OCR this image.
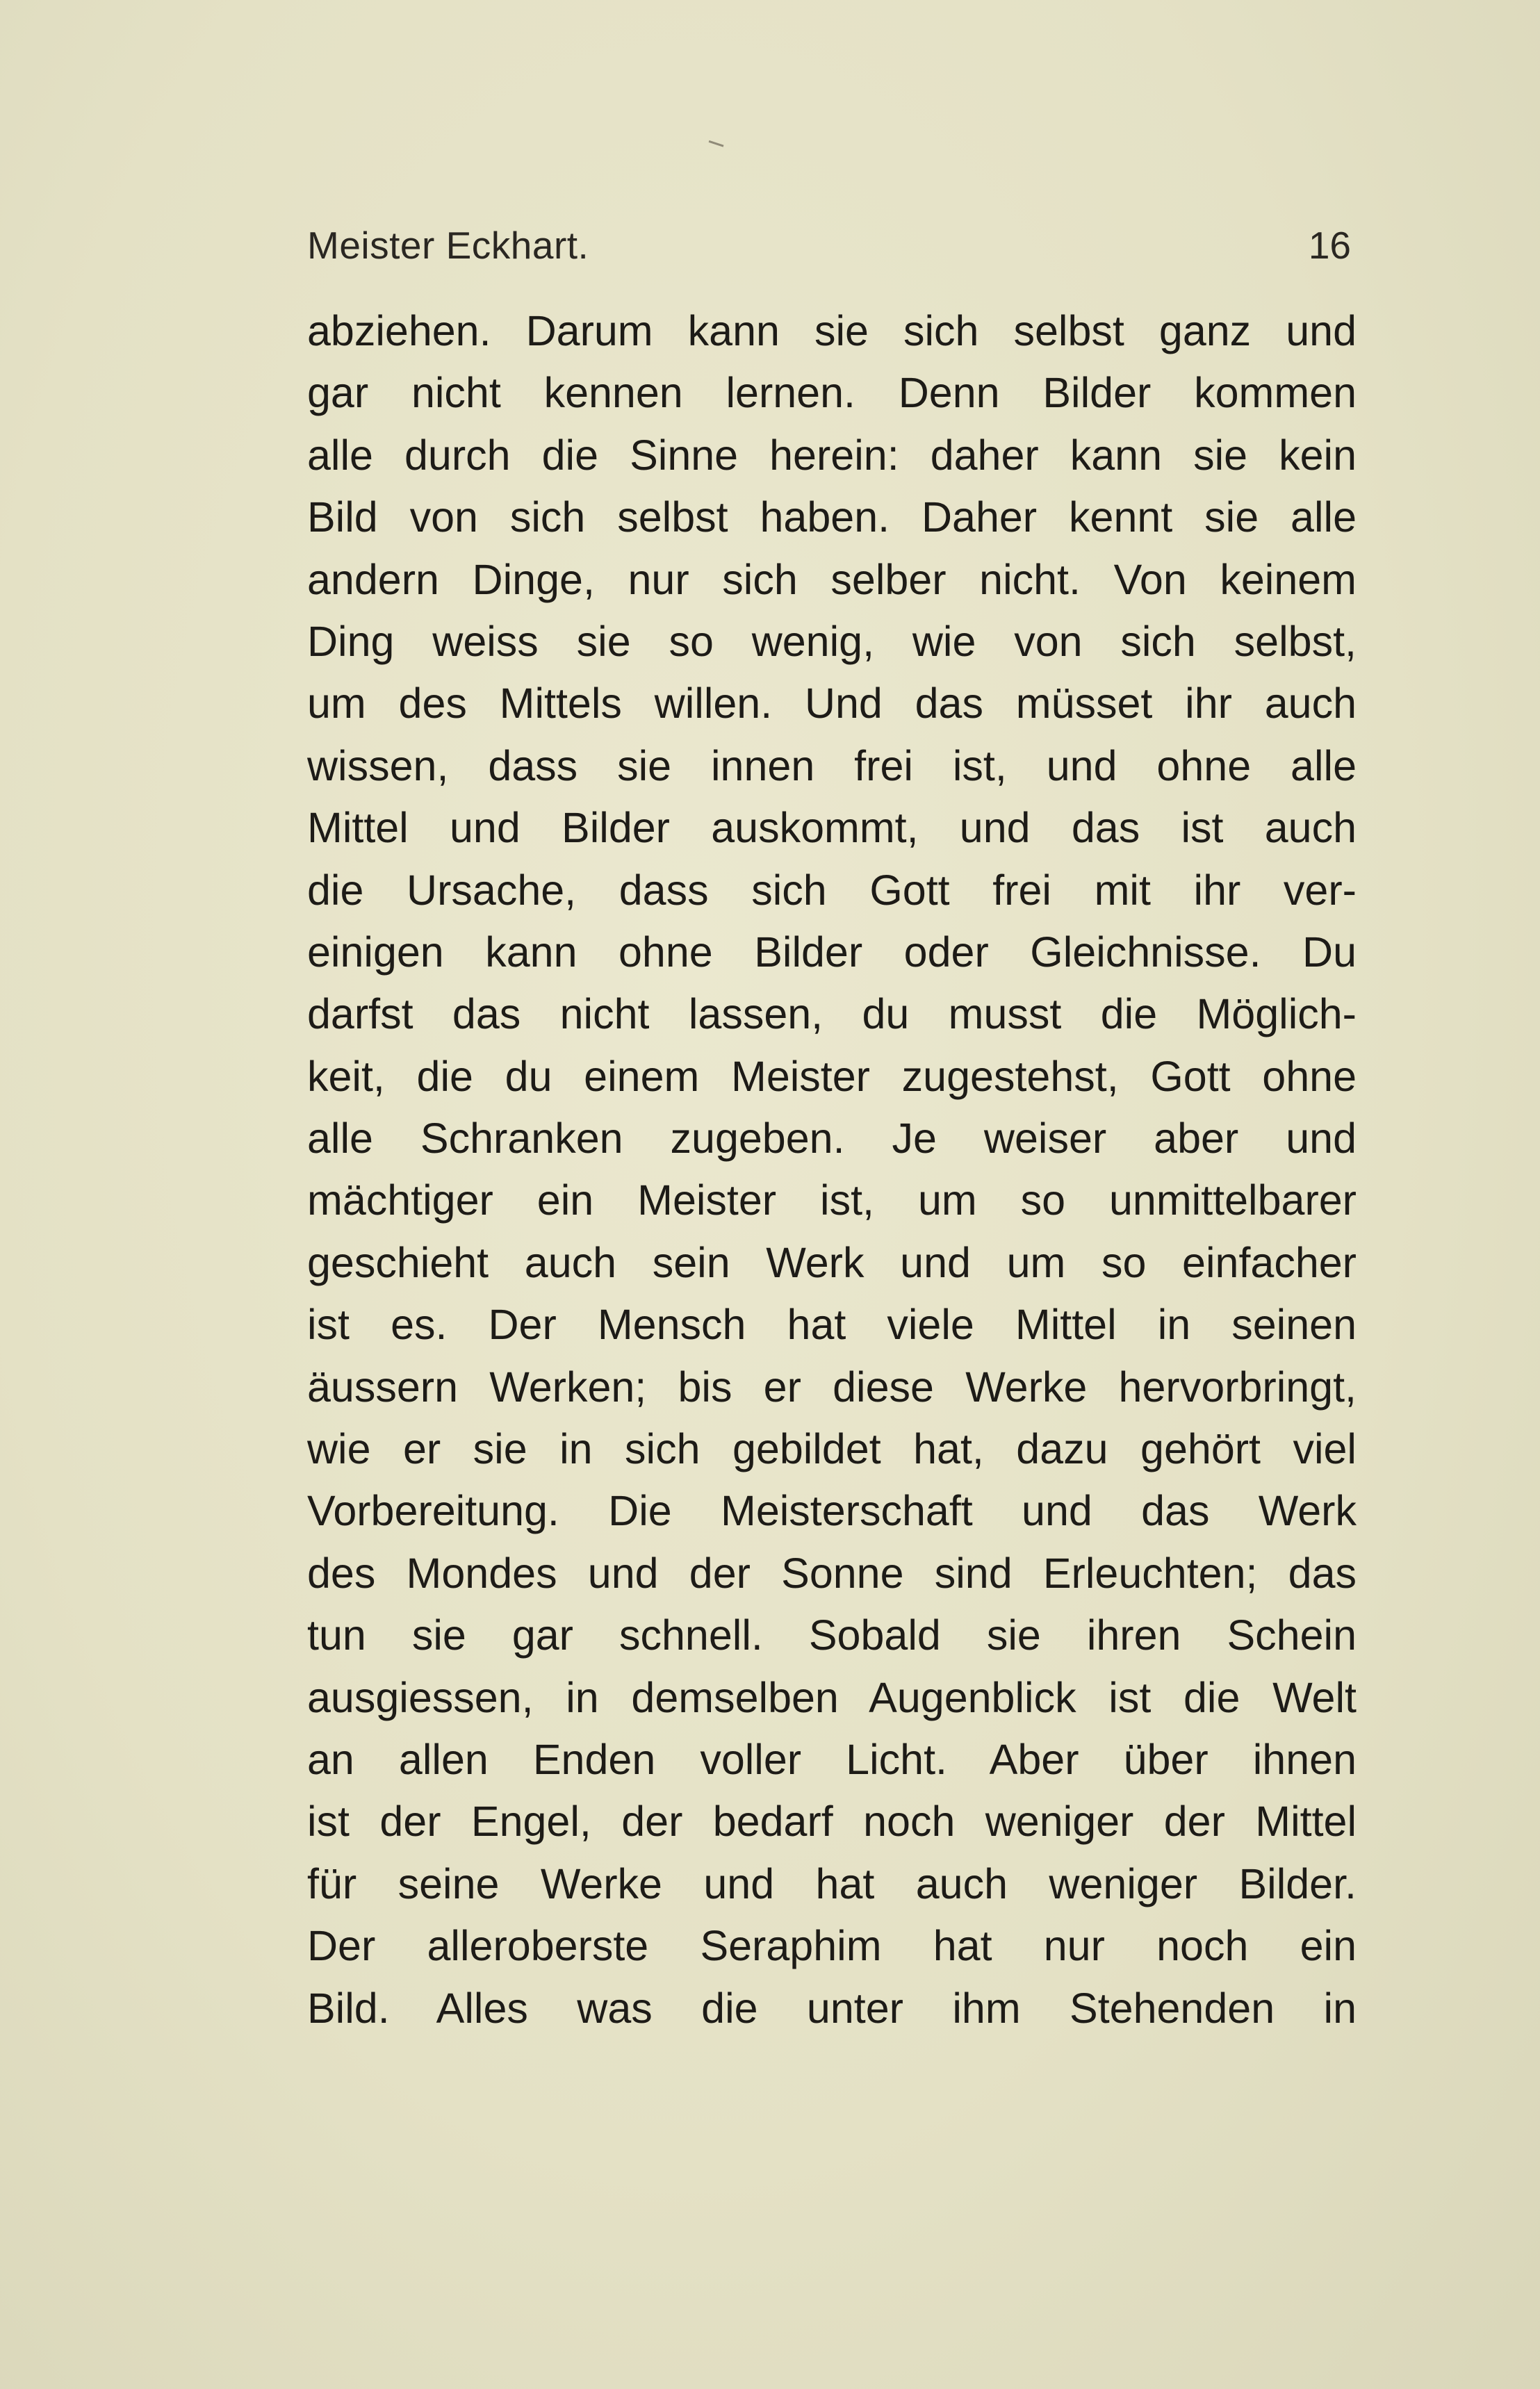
Meister Eckhart.	16
abziehen. Darum kann sie sich selbst ganz und
gar nicht kennen lernen. Denn Bilder kommen
alle durch die Sinne herein: daher kann sie kein
Bild von sich selbst haben. Daher kennt sie alle
andern Dinge, nur sich selber nicht. Von keinem
Ding weiss sie so wenig, wie von sich selbst,
um des Mittels willen. Und das müsset ihr auch
wissen, dass sie innen frei ist, und ohne alle
Mittel und Bilder auskommt, und das ist auch
die Ursache, dass sich Gott frei mit ihr ver-
einigen kann ohne Bilder oder Gleichnisse. Du
darfst das nicht lassen, du musst die Möglich-
keit, die du einem Meister zugestehst, Gott ohne
alle Schranken zugeben. Je weiser aber und
mächtiger ein Meister ist, um so unmittelbarer
geschieht auch sein Werk und um so einfacher
ist es. Der Mensch hat viele Mittel in seinen
äussern Werken; bis er diese Werke hervorbringt,
wie er sie in sich gebildet hat, dazu gehört viel
Vorbereitung. Die Meisterschaft und das Werk
des Mondes und der Sonne sind Erleuchten; das
tun sie gar schnell. Sobald sie ihren Schein
ausgiessen, in demselben Augenblick ist die Welt
an allen Enden voller Licht. Aber über ihnen
ist der Engel, der bedarf noch weniger der Mittel
für seine Werke und hat auch weniger Bilder.
Der alleroberste Seraphim hat nur noch ein
Bild. Alles was die unter ihm Stehenden in
